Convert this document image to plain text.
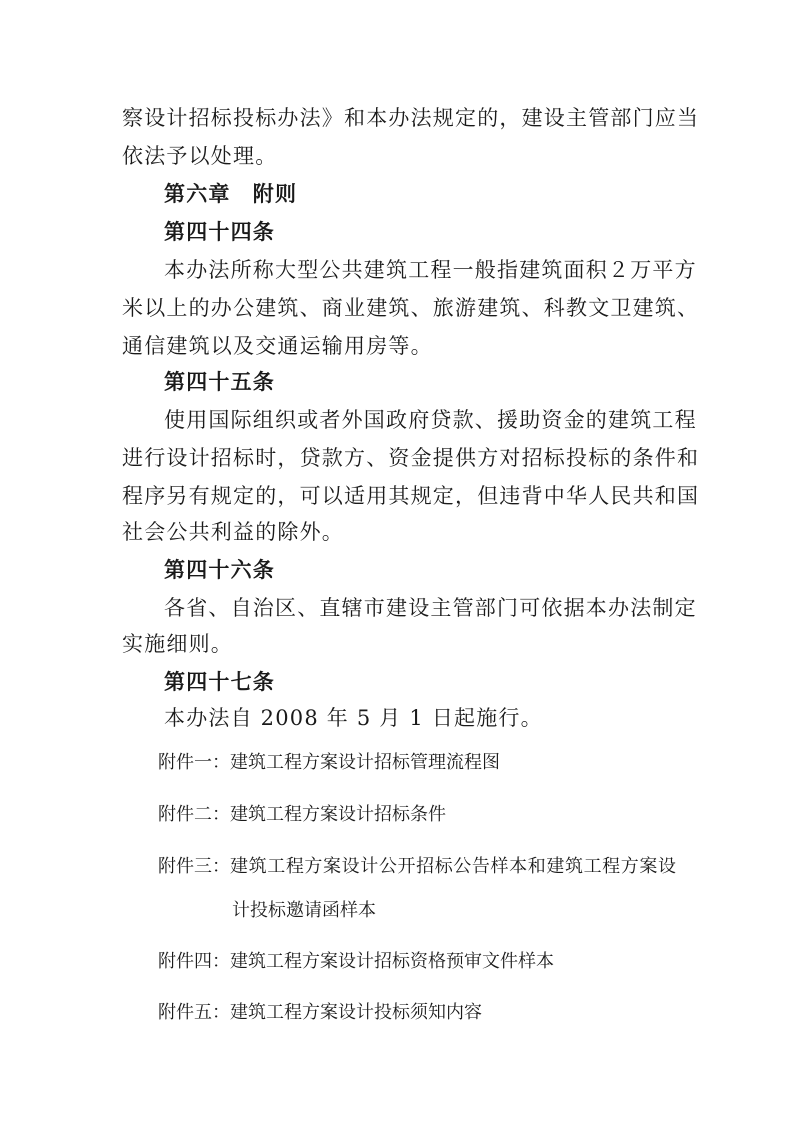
察设计招标投标办法》和本办法规定的，建设主管部门应当
依法予以处理。
第六章　附则
第四十四条
本办法所称大型公共建筑工程一般指建筑面积２万平方
米以上的办公建筑、商业建筑、旅游建筑、科教文卫建筑、
通信建筑以及交通运输用房等。
第四十五条
使用国际组织或者外国政府贷款、援助资金的建筑工程
进行设计招标时，贷款方、资金提供方对招标投标的条件和
程序另有规定的，可以适用其规定，但违背中华人民共和国
社会公共利益的除外。
第四十六条
各省、自治区、直辖市建设主管部门可依据本办法制定
实施细则。
第四十七条
本办法自 2008 年 5 月 1 日起施行。
附件一：建筑工程方案设计招标管理流程图
附件二：建筑工程方案设计招标条件
附件三：建筑工程方案设计公开招标公告样本和建筑工程方案设
计投标邀请函样本
附件四：建筑工程方案设计招标资格预审文件样本
附件五：建筑工程方案设计投标须知内容
